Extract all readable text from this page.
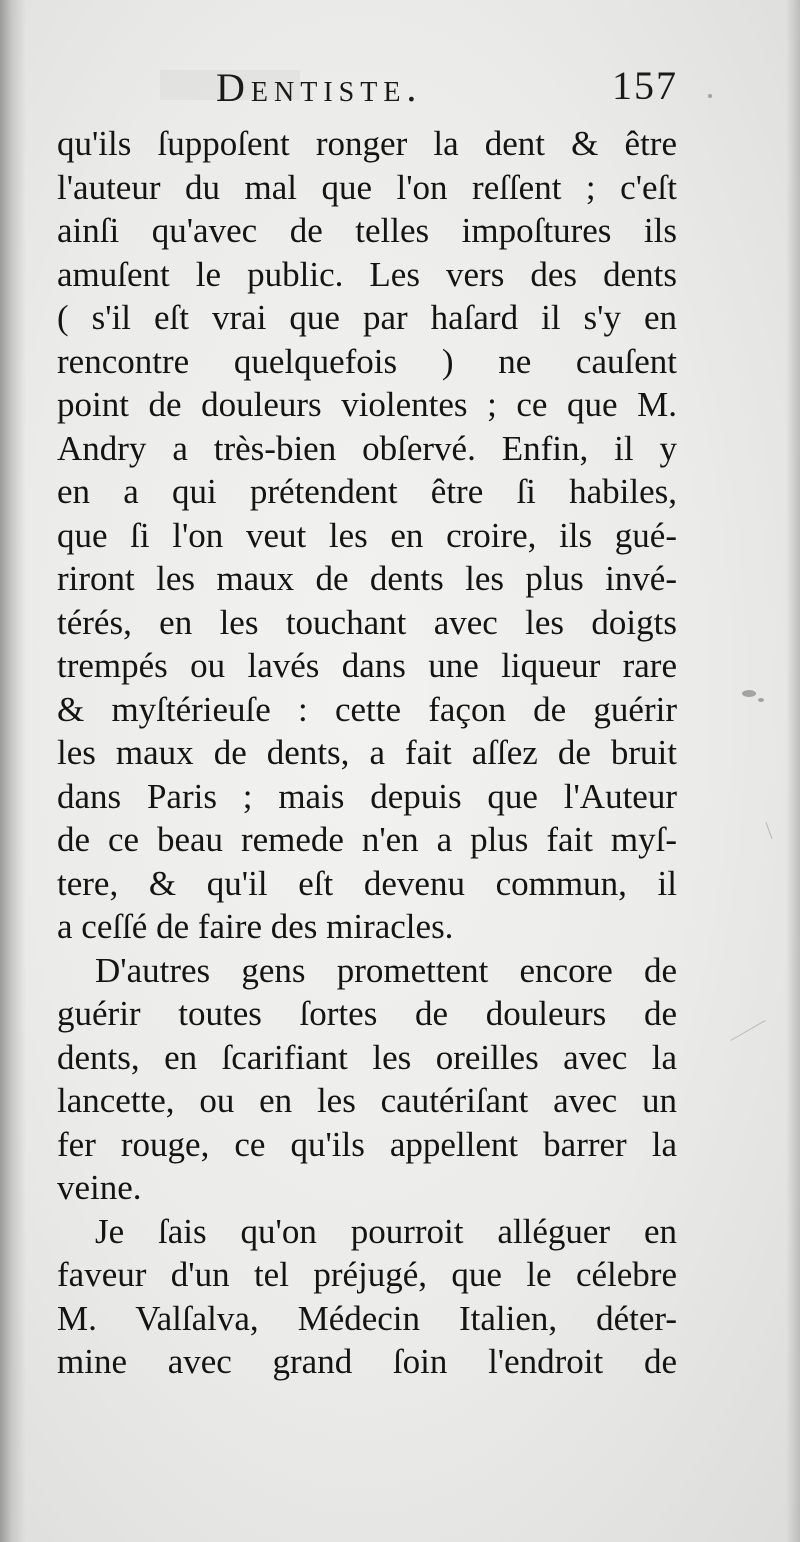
Dentiste.	157
qu'ils ſuppoſent ronger la dent & être
l'auteur du mal que l'on reſſent ; c'eſt
ainſi qu'avec de telles impoſtures ils
amuſent le public. Les vers des dents
( s'il eſt vrai que par haſard il s'y en
rencontre quelquefois ) ne cauſent
point de douleurs violentes ; ce que M.
Andry a très-bien obſervé. Enfin, il y
en a qui prétendent être ſi habiles,
que ſi l'on veut les en croire, ils gué-
riront les maux de dents les plus invé-
térés, en les touchant avec les doigts
trempés ou lavés dans une liqueur rare
& myſtérieuſe : cette façon de guérir
les maux de dents, a fait aſſez de bruit
dans Paris ; mais depuis que l'Auteur
de ce beau remede n'en a plus fait myſ-
tere, & qu'il eſt devenu commun, il
a ceſſé de faire des miracles.
D'autres gens promettent encore de
guérir toutes ſortes de douleurs de
dents, en ſcarifiant les oreilles avec la
lancette, ou en les cautériſant avec un
fer rouge, ce qu'ils appellent barrer la
veine.
Je ſais qu'on pourroit alléguer en
faveur d'un tel préjugé, que le célebre
M. Valſalva, Médecin Italien, déter-
mine avec grand ſoin l'endroit de
